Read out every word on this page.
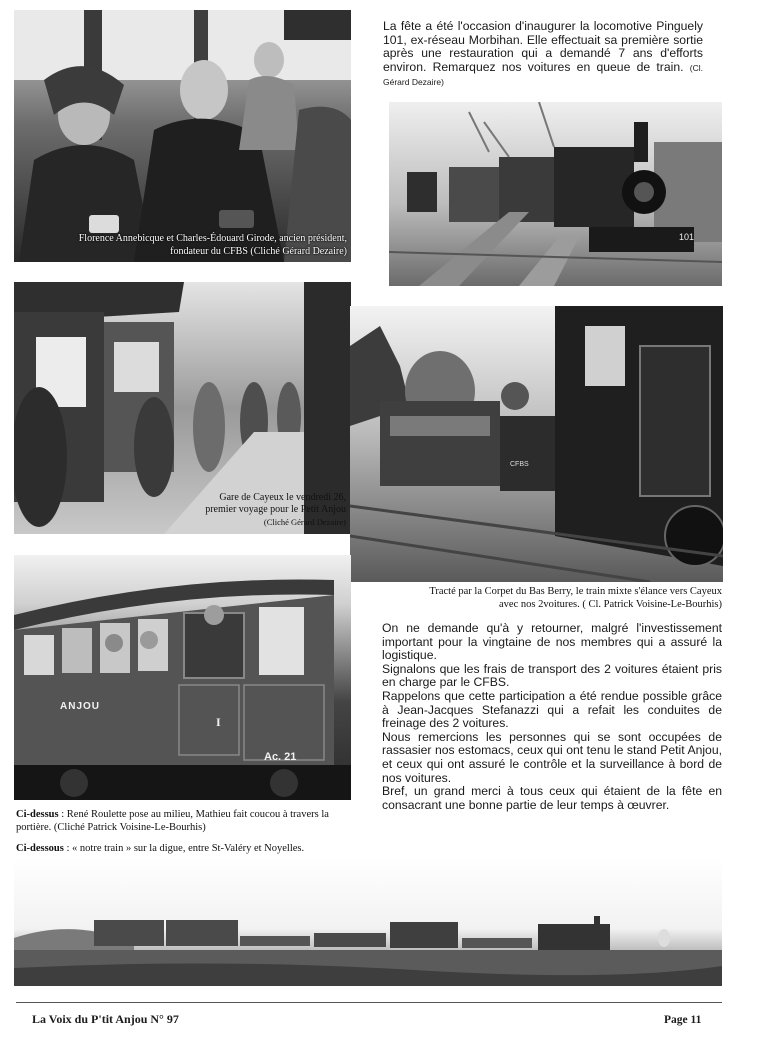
Florence Annebicque et Charles-Édouard Girode, ancien président,
fondateur du CFBS (Cliché Gérard Dezaire)
La fête a été l'occasion d'inaugurer la locomotive Pinguely 101, ex-réseau Morbihan. Elle effectuait sa première sortie après une restauration qui a demandé 7 ans d'efforts environ. Remarquez nos voitures en queue de train. (Cl. Gérard Dezaire)
101
Gare de Cayeux le vendredi 26,
premier voyage pour le Petit Anjou
(Cliché Gérard Dezaire)
CFBS
Tracté par la Corpet du Bas Berry, le train mixte s'élance vers Cayeux
avec nos 2voitures. ( Cl. Patrick Voisine-Le-Bourhis)
ANJOU
I
Ac. 21
Ci-dessus : René Roulette pose au milieu, Mathieu fait coucou à travers la portière. (Cliché Patrick Voisine-Le-Bourhis)
Ci-dessous : « notre train » sur la digue, entre St-Valéry et Noyelles.

On ne demande qu'à y retourner, malgré l'investissement important pour la vingtaine de nos membres qui a assuré la logistique.

Signalons que les frais de transport des 2 voitures étaient pris en charge par le CFBS.

Rappelons que cette participation a été rendue possible grâce à Jean-Jacques Stefanazzi qui a refait les conduites de freinage des 2 voitures.

Nous remercions les personnes qui se sont occupées de rassasier nos estomacs, ceux qui ont tenu le stand Petit Anjou, et ceux qui ont assuré le contrôle et la surveillance à bord de nos voitures.

Bref, un grand merci à tous ceux qui étaient de la fête en consacrant une bonne partie de leur temps à œuvrer.

La Voix du P'tit Anjou N° 97	Page 11
